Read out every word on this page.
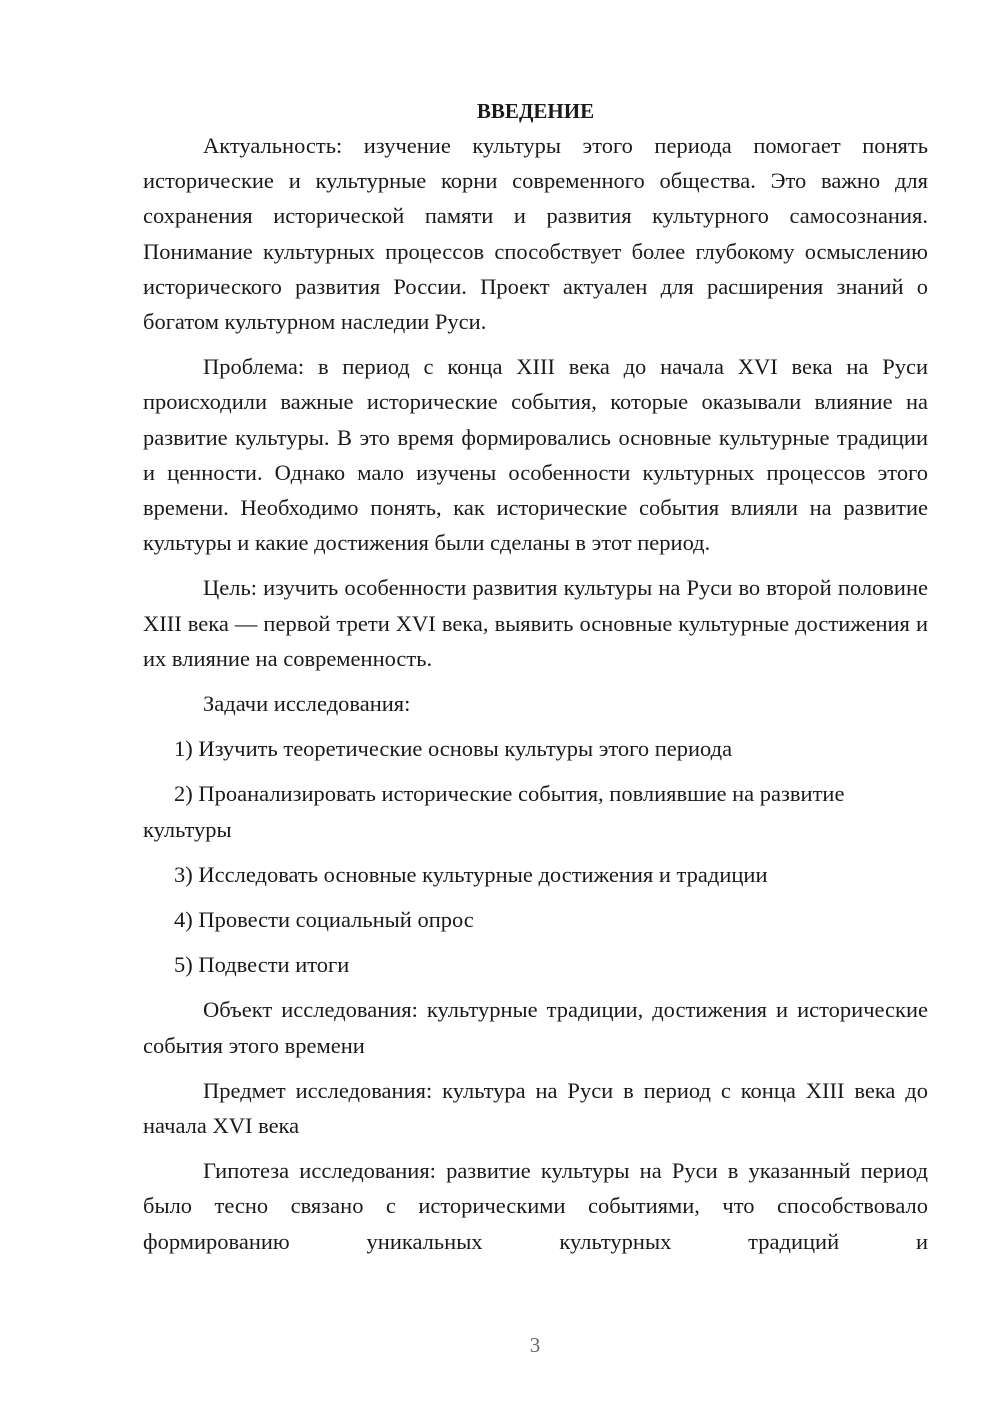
ВВЕДЕНИЕ

Актуальность: изучение культуры этого периода помогает понять исторические и культурные корни современного общества. Это важно для сохранения исторической памяти и развития культурного самосознания. Понимание культурных процессов способствует более глубокому осмыслению исторического развития России. Проект актуален для расширения знаний о богатом культурном наследии Руси.

Проблема: в период с конца XIII века до начала XVI века на Руси происходили важные исторические события, которые оказывали влияние на развитие культуры. В это время формировались основные культурные традиции и ценности. Однако мало изучены особенности культурных процессов этого времени. Необходимо понять, как исторические события влияли на развитие культуры и какие достижения были сделаны в этот период.

Цель: изучить особенности развития культуры на Руси во второй половине XIII века — первой трети XVI века, выявить основные культурные достижения и их влияние на современность.

Задачи исследования:

1) Изучить теоретические основы культуры этого периода

2) Проанализировать исторические события, повлиявшие на развитие культуры

3) Исследовать основные культурные достижения и традиции

4) Провести социальный опрос

5) Подвести итоги

Объект исследования: культурные традиции, достижения и исторические события этого времени

Предмет исследования: культура на Руси в период с конца XIII века до начала XVI века

Гипотеза исследования: развитие культуры на Руси в указанный период было тесно связано с историческими событиями, что способствовало формированию уникальных культурных традиций и

3
